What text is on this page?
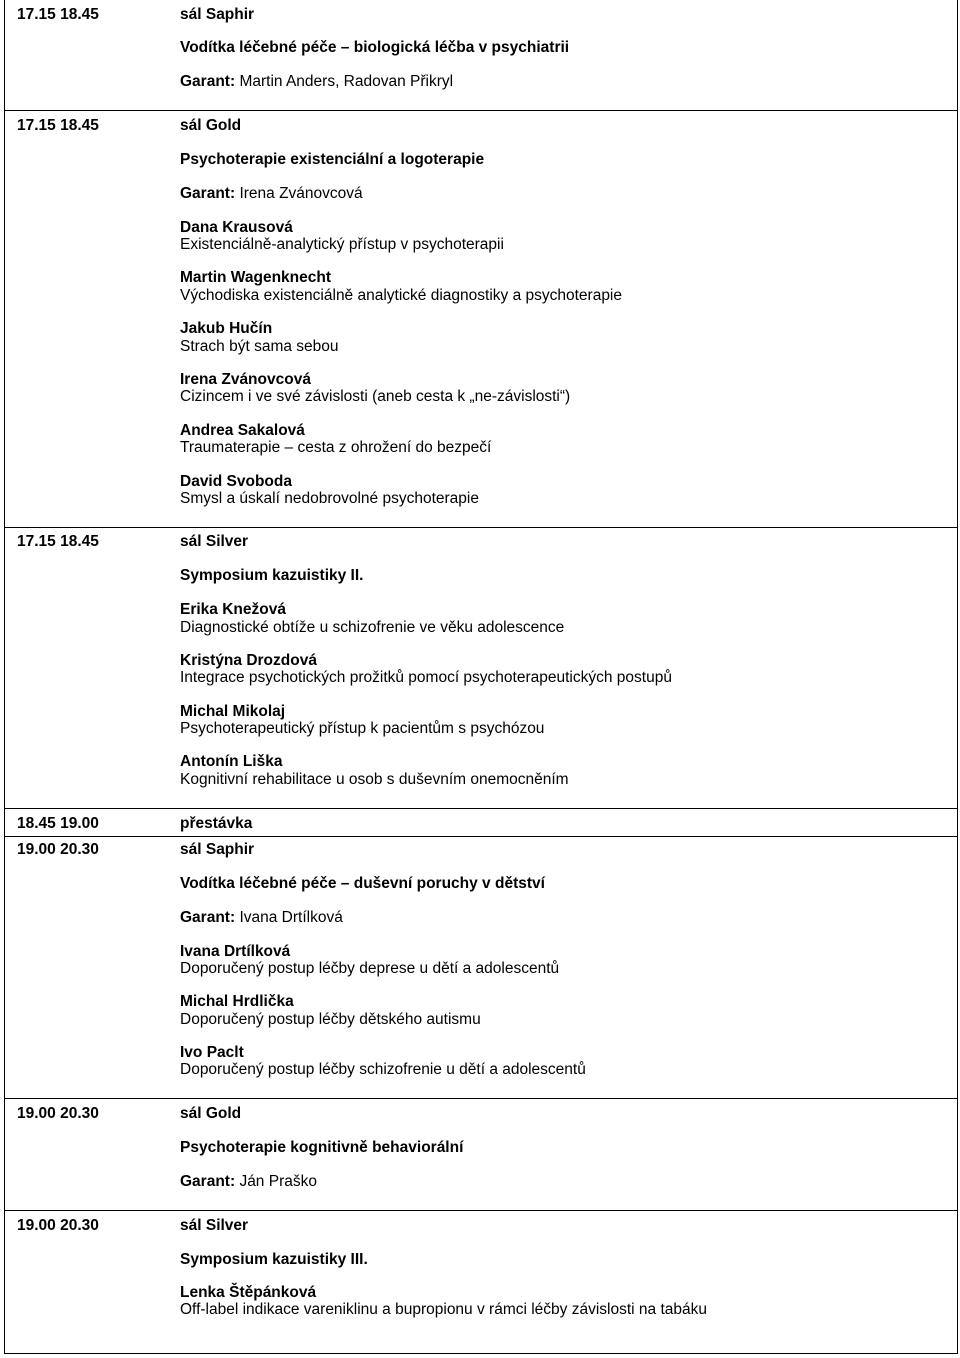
17.15 18.45	sál Saphir
Vodítka léčebné péče – biologická léčba v psychiatrii
Garant: Martin Anders, Radovan Přikryl
17.15 18.45	sál Gold
Psychoterapie existenciální a logoterapie
Garant: Irena Zvánovcová
Dana Krausová
Existenciálně-analytický přístup v psychoterapii
Martin Wagenknecht
Východiska existenciálně analytické diagnostiky a psychoterapie
Jakub Hučín
Strach být sama sebou
Irena Zvánovcová
Cizincem i ve své závislosti (aneb cesta k „ne-závislosti“)
Andrea Sakalová
Traumaterapie – cesta z ohrožení do bezpečí
David Svoboda
Smysl a úskalí nedobrovolné psychoterapie
17.15 18.45	sál Silver
Symposium kazuistiky II.
Erika Knežová
Diagnostické obtíže u schizofrenie ve věku adolescence
Kristýna Drozdová
Integrace psychotických prožitků pomocí psychoterapeutických postupů
Michal Mikolaj
Psychoterapeutický přístup k pacientům s psychózou
Antonín Liška
Kognitivní rehabilitace u osob s duševním onemocněním
18.45 19.00	přestávka
19.00 20.30	sál Saphir
Vodítka léčebné péče – duševní poruchy v dětství
Garant: Ivana Drtílková
Ivana Drtílková
Doporučený postup léčby deprese u dětí a adolescentů
Michal Hrdlička
Doporučený postup léčby dětského autismu
Ivo Paclt
Doporučený postup léčby schizofrenie u dětí a adolescentů
19.00 20.30	sál Gold
Psychoterapie kognitivně behaviorální
Garant: Ján Praško
19.00 20.30	sál Silver
Symposium kazuistiky III.
Lenka Štěpánková
Off-label indikace vareniklinu a bupropionu v rámci léčby závislosti na tabáku
